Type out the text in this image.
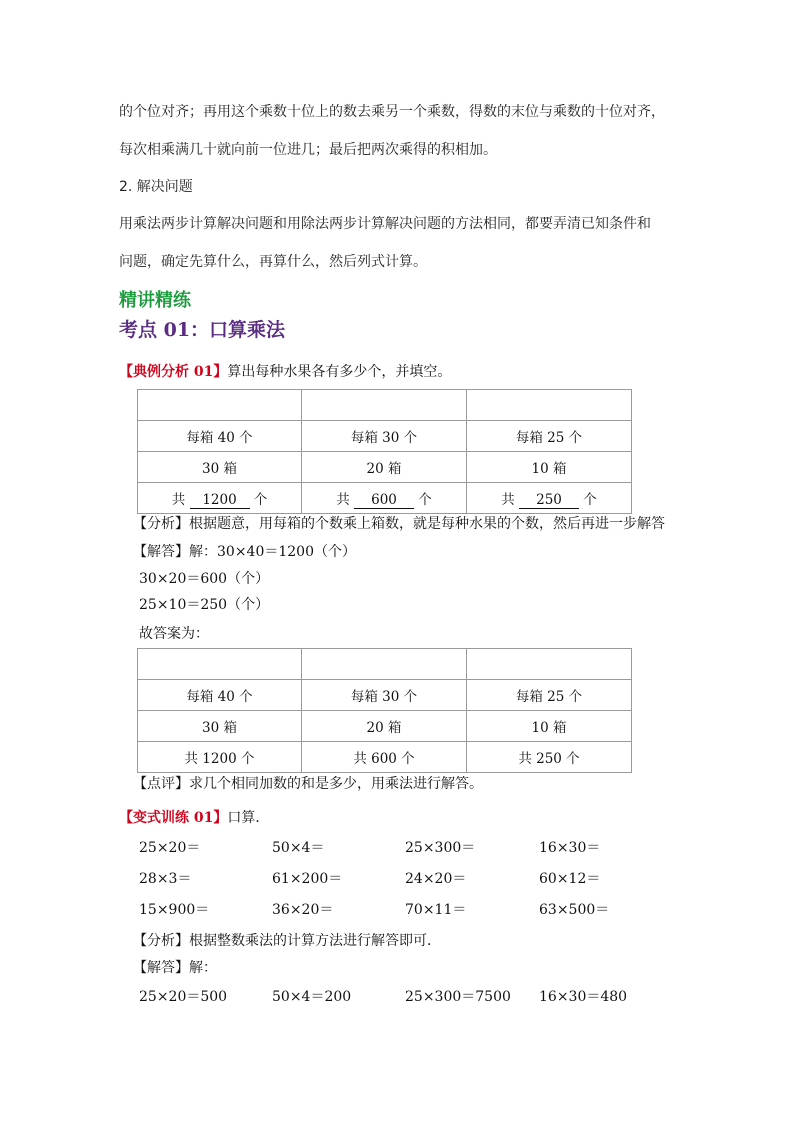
的个位对齐；再用这个乘数十位上的数去乘另一个乘数，得数的末位与乘数的十位对齐，
每次相乘满几十就向前一位进几；最后把两次乘得的积相加。
2. 解决问题
用乘法两步计算解决问题和用除法两步计算解决问题的方法相同，都要弄清已知条件和
问题，确定先算什么，再算什么，然后列式计算。
精讲精练
考点 01：口算乘法
【典例分析 01】算出每种水果各有多少个，并填空。

每箱 40 个	每箱 30 个	每箱 25 个
30 箱	20 箱	10 箱
共 1200 个	共 600 个	共 250 个
【分析】根据题意，用每箱的个数乘上箱数，就是每种水果的个数，然后再进一步解答
【解答】解：30×40＝1200（个）
30×20＝600（个）
25×10＝250（个）
故答案为：

每箱 40 个	每箱 30 个	每箱 25 个
30 箱	20 箱	10 箱
共 1200 个	共 600 个	共 250 个
【点评】求几个相同加数的和是多少，用乘法进行解答。
【变式训练 01】口算．
25×20＝	50×4＝	25×300＝	16×30＝
28×3＝	61×200＝	24×20＝	60×12＝
15×900＝	36×20＝	70×11＝	63×500＝
【分析】根据整数乘法的计算方法进行解答即可．
【解答】解：
25×20＝500	50×4＝200	25×300＝7500 16×30＝480
